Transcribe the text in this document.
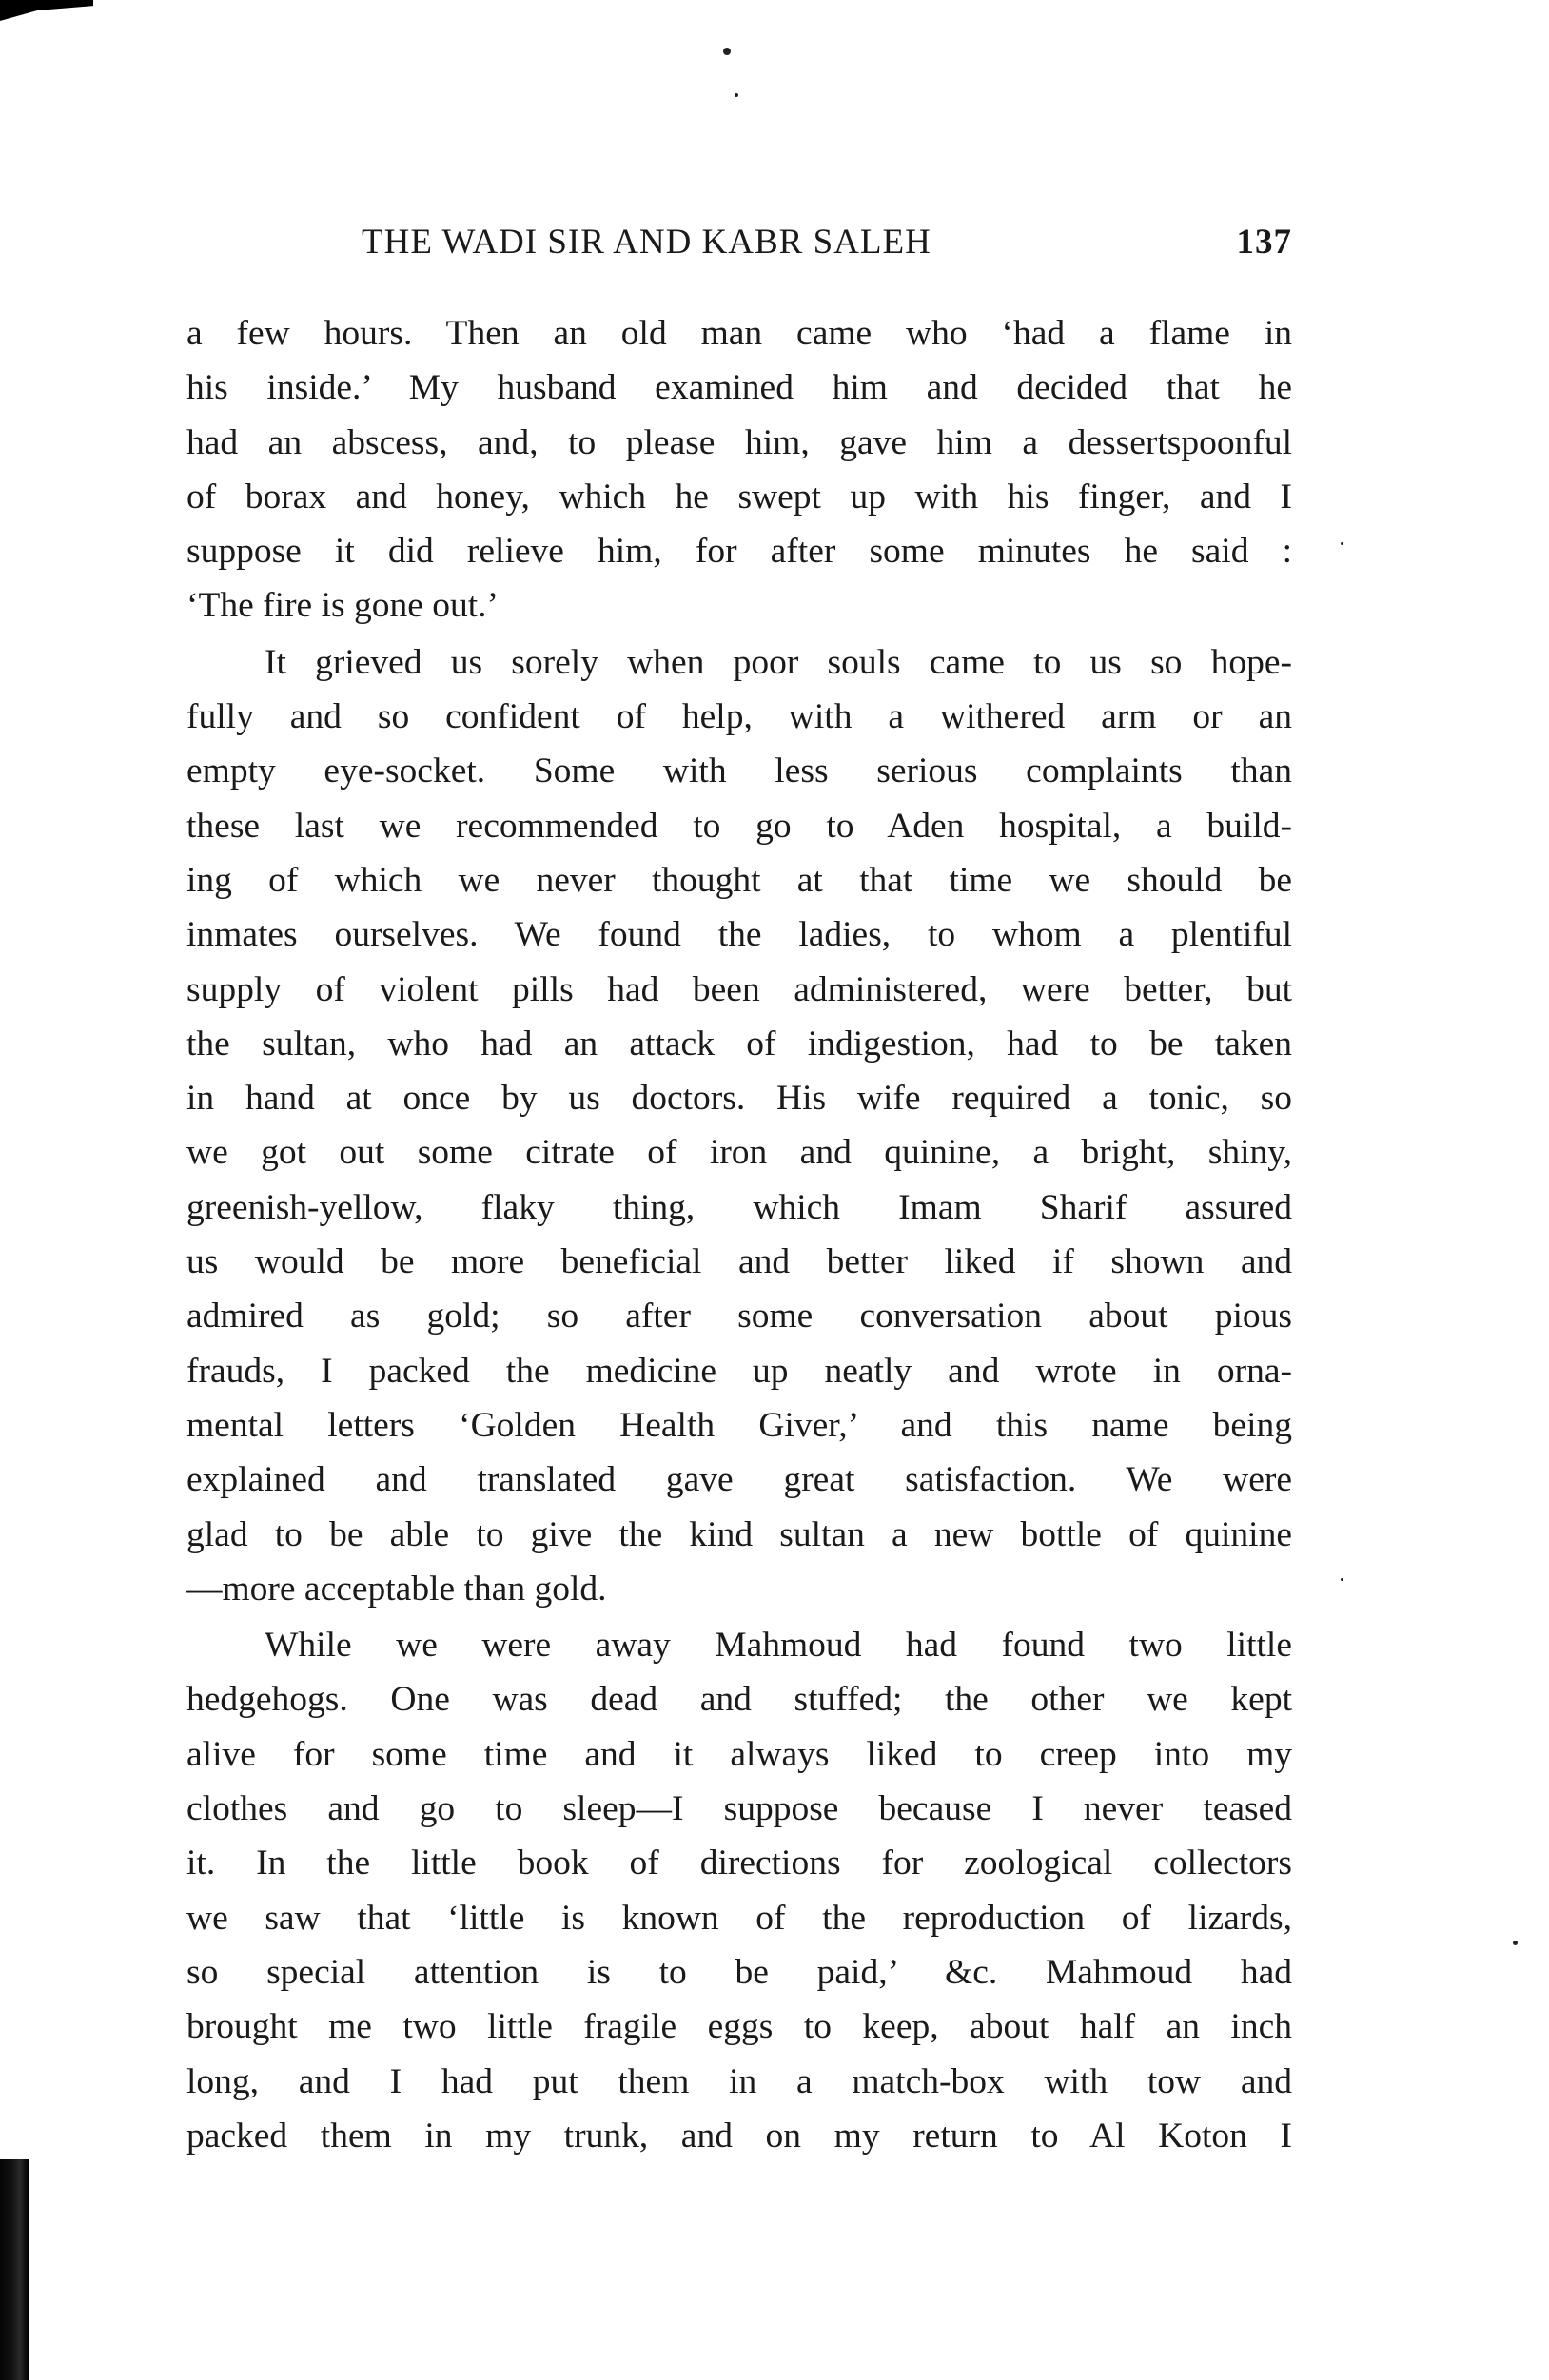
THE WADI SIR AND KABR SALEH	137
a few hours. Then an old man came who ‘had a flame in
his inside.’ My husband examined him and decided that he
had an abscess, and, to please him, gave him a dessertspoonful
of borax and honey, which he swept up with his finger, and I
suppose it did relieve him, for after some minutes he said :
‘The fire is gone out.’
It grieved us sorely when poor souls came to us so hope-
fully and so confident of help, with a withered arm or an
empty eye-socket. Some with less serious complaints than
these last we recommended to go to Aden hospital, a build-
ing of which we never thought at that time we should be
inmates ourselves. We found the ladies, to whom a plentiful
supply of violent pills had been administered, were better, but
the sultan, who had an attack of indigestion, had to be taken
in hand at once by us doctors. His wife required a tonic, so
we got out some citrate of iron and quinine, a bright, shiny,
greenish-yellow, flaky thing, which Imam Sharif assured
us would be more beneficial and better liked if shown and
admired as gold; so after some conversation about pious
frauds, I packed the medicine up neatly and wrote in orna-
mental letters ‘Golden Health Giver,’ and this name being
explained and translated gave great satisfaction. We were
glad to be able to give the kind sultan a new bottle of quinine
—more acceptable than gold.
While we were away Mahmoud had found two little
hedgehogs. One was dead and stuffed; the other we kept
alive for some time and it always liked to creep into my
clothes and go to sleep—I suppose because I never teased
it. In the little book of directions for zoological collectors
we saw that ‘little is known of the reproduction of lizards,
so special attention is to be paid,’ &c. Mahmoud had
brought me two little fragile eggs to keep, about half an inch
long, and I had put them in a match-box with tow and
packed them in my trunk, and on my return to Al Koton I
